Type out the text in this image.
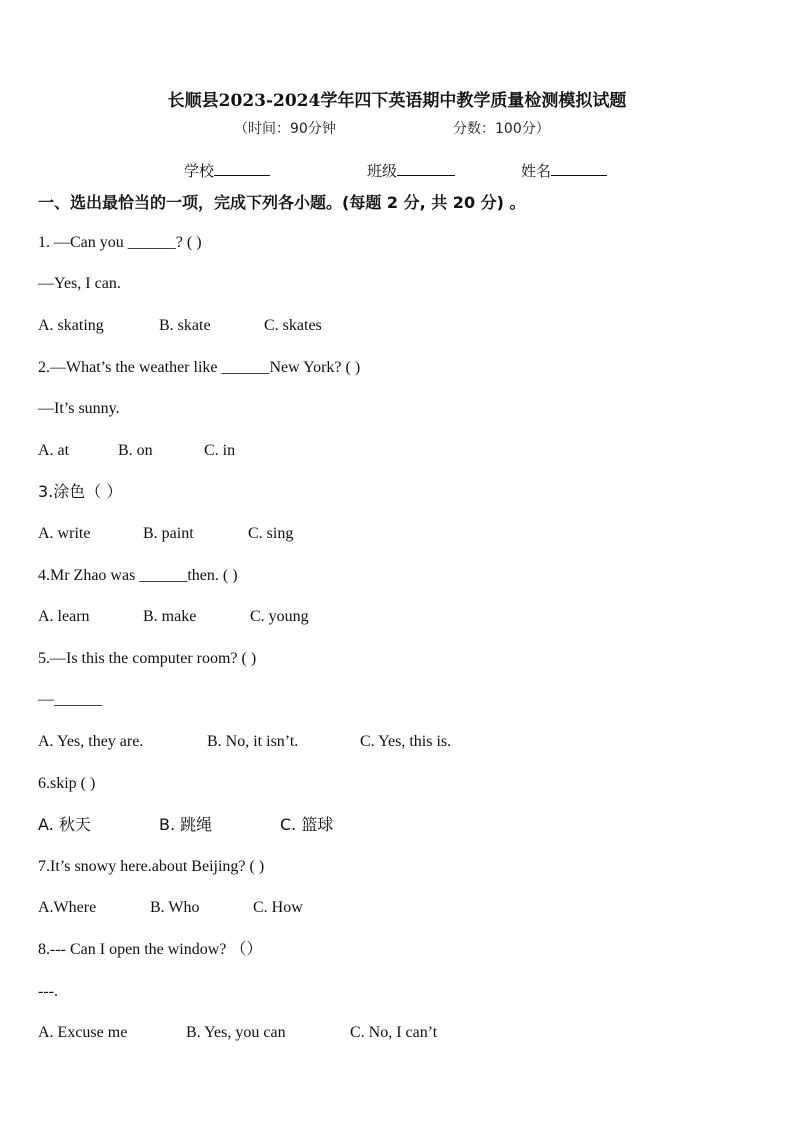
长顺县2023-2024学年四下英语期中教学质量检测模拟试题
（时间：90分钟	分数：100分）
学校	班级	姓名
一、选出最恰当的一项，完成下列各小题。(每题 2 分, 共 20 分) 。
1. —Can you ______? ( )
—Yes, I can.
A. skating	B. skate	C. skates
2.—What’s the weather like ______New York? ( )
—It’s sunny.
A. at	B. on	C. in
3.涂色（ ）
A. write	B. paint	C. sing
4.Mr Zhao was ______then. ( )
A. learn	B. make	C. young
5.—Is this the computer room? ( )
—______
A. Yes, they are.	B. No, it isn’t.	C. Yes, this is.
6.skip ( )
A. 秋天	B. 跳绳	C. 篮球
7.It’s snowy here.about Beijing? ( )
A.Where	B. Who	C. How
8.--- Can I open the window? （）
---.
A. Excuse me	B. Yes, you can	C. No, I can’t
